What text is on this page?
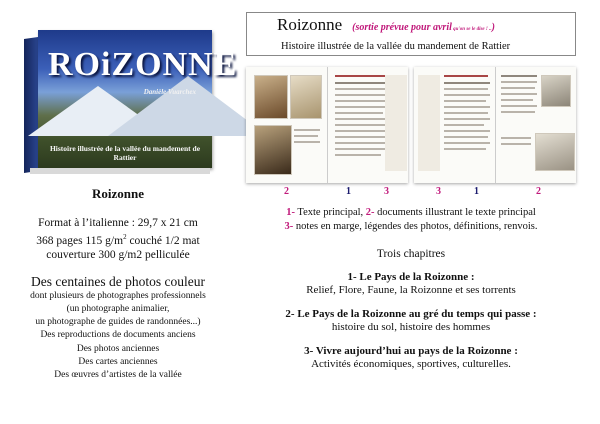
ROiZONNE
Danièle Vuarchex
Histoire illustrée de la vallée du mandement de Rattier
Roizonne
Format à l’italienne : 29,7 x 21 cm
368 pages 115 $g/m^2$ couché 1/2 mat
couverture 300 g/m2 pelliculée
Des centaines de photos couleur
dont plusieurs de photographes professionnels
(un photographe animalier,
un photographe de guides de randonnées...)
Des reproductions de documents anciens
Des photos anciennes
Des cartes anciennes
Des œuvres d’artistes de la vallée
Roizonne (sortie prévue pour avril qu'on se le dise ! ..)
Histoire illustrée de la vallée du mandement de Rattier
2	1	3	3	1	2
1- Texte principal, 2- documents illustrant le texte principal
3- notes en marge, légendes des photos, définitions, renvois.
Trois chapitres
1- Le Pays de la Roizonne :
Relief, Flore, Faune, la Roizonne et ses torrents
2- Le Pays de la Roizonne au gré du temps qui passe :
histoire du sol, histoire des hommes
3- Vivre aujourd’hui au pays de la Roizonne :
Activités économiques, sportives, culturelles.
